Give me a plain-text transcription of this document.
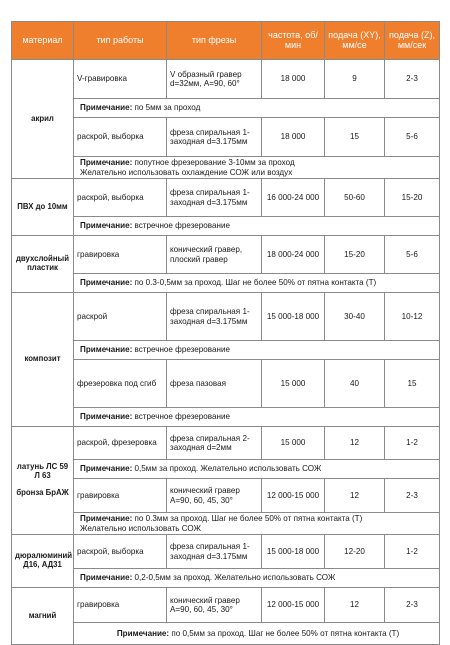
материал	тип работы	тип фрезы	частота, об/мин	подача (XY), мм/се	подача (Z), мм/сек
акрил	V-гравировка	V образный гравер d=32мм, A=90, 60°	18 000	9	2-3
	Примечание: по 5мм за проход				
	раскрой, выборка	фреза спиральная 1-заходная d=3.175мм	18 000	15	5-6
	Примечание: попутное фрезерование 3-10мм за проход
Желательно использовать охлаждение СОЖ или воздух				
ПВХ до 10мм	раскрой, выборка	фреза спиральная 1-заходная d=3.175мм	16 000-24 000	50-60	15-20
	Примечание: встречное фрезерование				
двухслойный пластик	гравировка	конический гравер, плоский гравер	18 000-24 000	15-20	5-6
	Примечание: по 0.3-0,5мм за проход. Шаг не более 50% от пятна контакта (Т)				
композит	раскрой	фреза спиральная 1-заходная d=3.175мм	15 000-18 000	30-40	10-12
	Примечание: встречное фрезерование				
	фрезеровка под сгиб	фреза пазовая	15 000	40	15
	Примечание: встречное фрезерование				

латунь ЛС 59 Л 63
бронза БрАЖ	раскрой, фрезеровка	фреза спиральная 2-заходная d=2мм	15 000	12	1-2
	Примечание: 0,5мм за проход. Желательно использовать СОЖ				
	гравировка	конический гравер A=90, 60, 45, 30°	12 000-15 000	12	2-3
	Примечание: по 0.3мм за проход. Шаг не более 50% от пятна контакта (Т)
Желательно использовать СОЖ				
дюралюминий Д16, АД31	раскрой, выборка	фреза спиральная 1-заходная d=3.175мм	15 000-18 000	12-20	1-2
	Примечание: 0,2-0,5мм за проход. Желательно использовать СОЖ				
магний	гравировка	конический гравер A=90, 60, 45, 30°	12 000-15 000	12	2-3
	Примечание: по 0,5мм за проход. Шаг не более 50% от пятна контакта (Т)				
